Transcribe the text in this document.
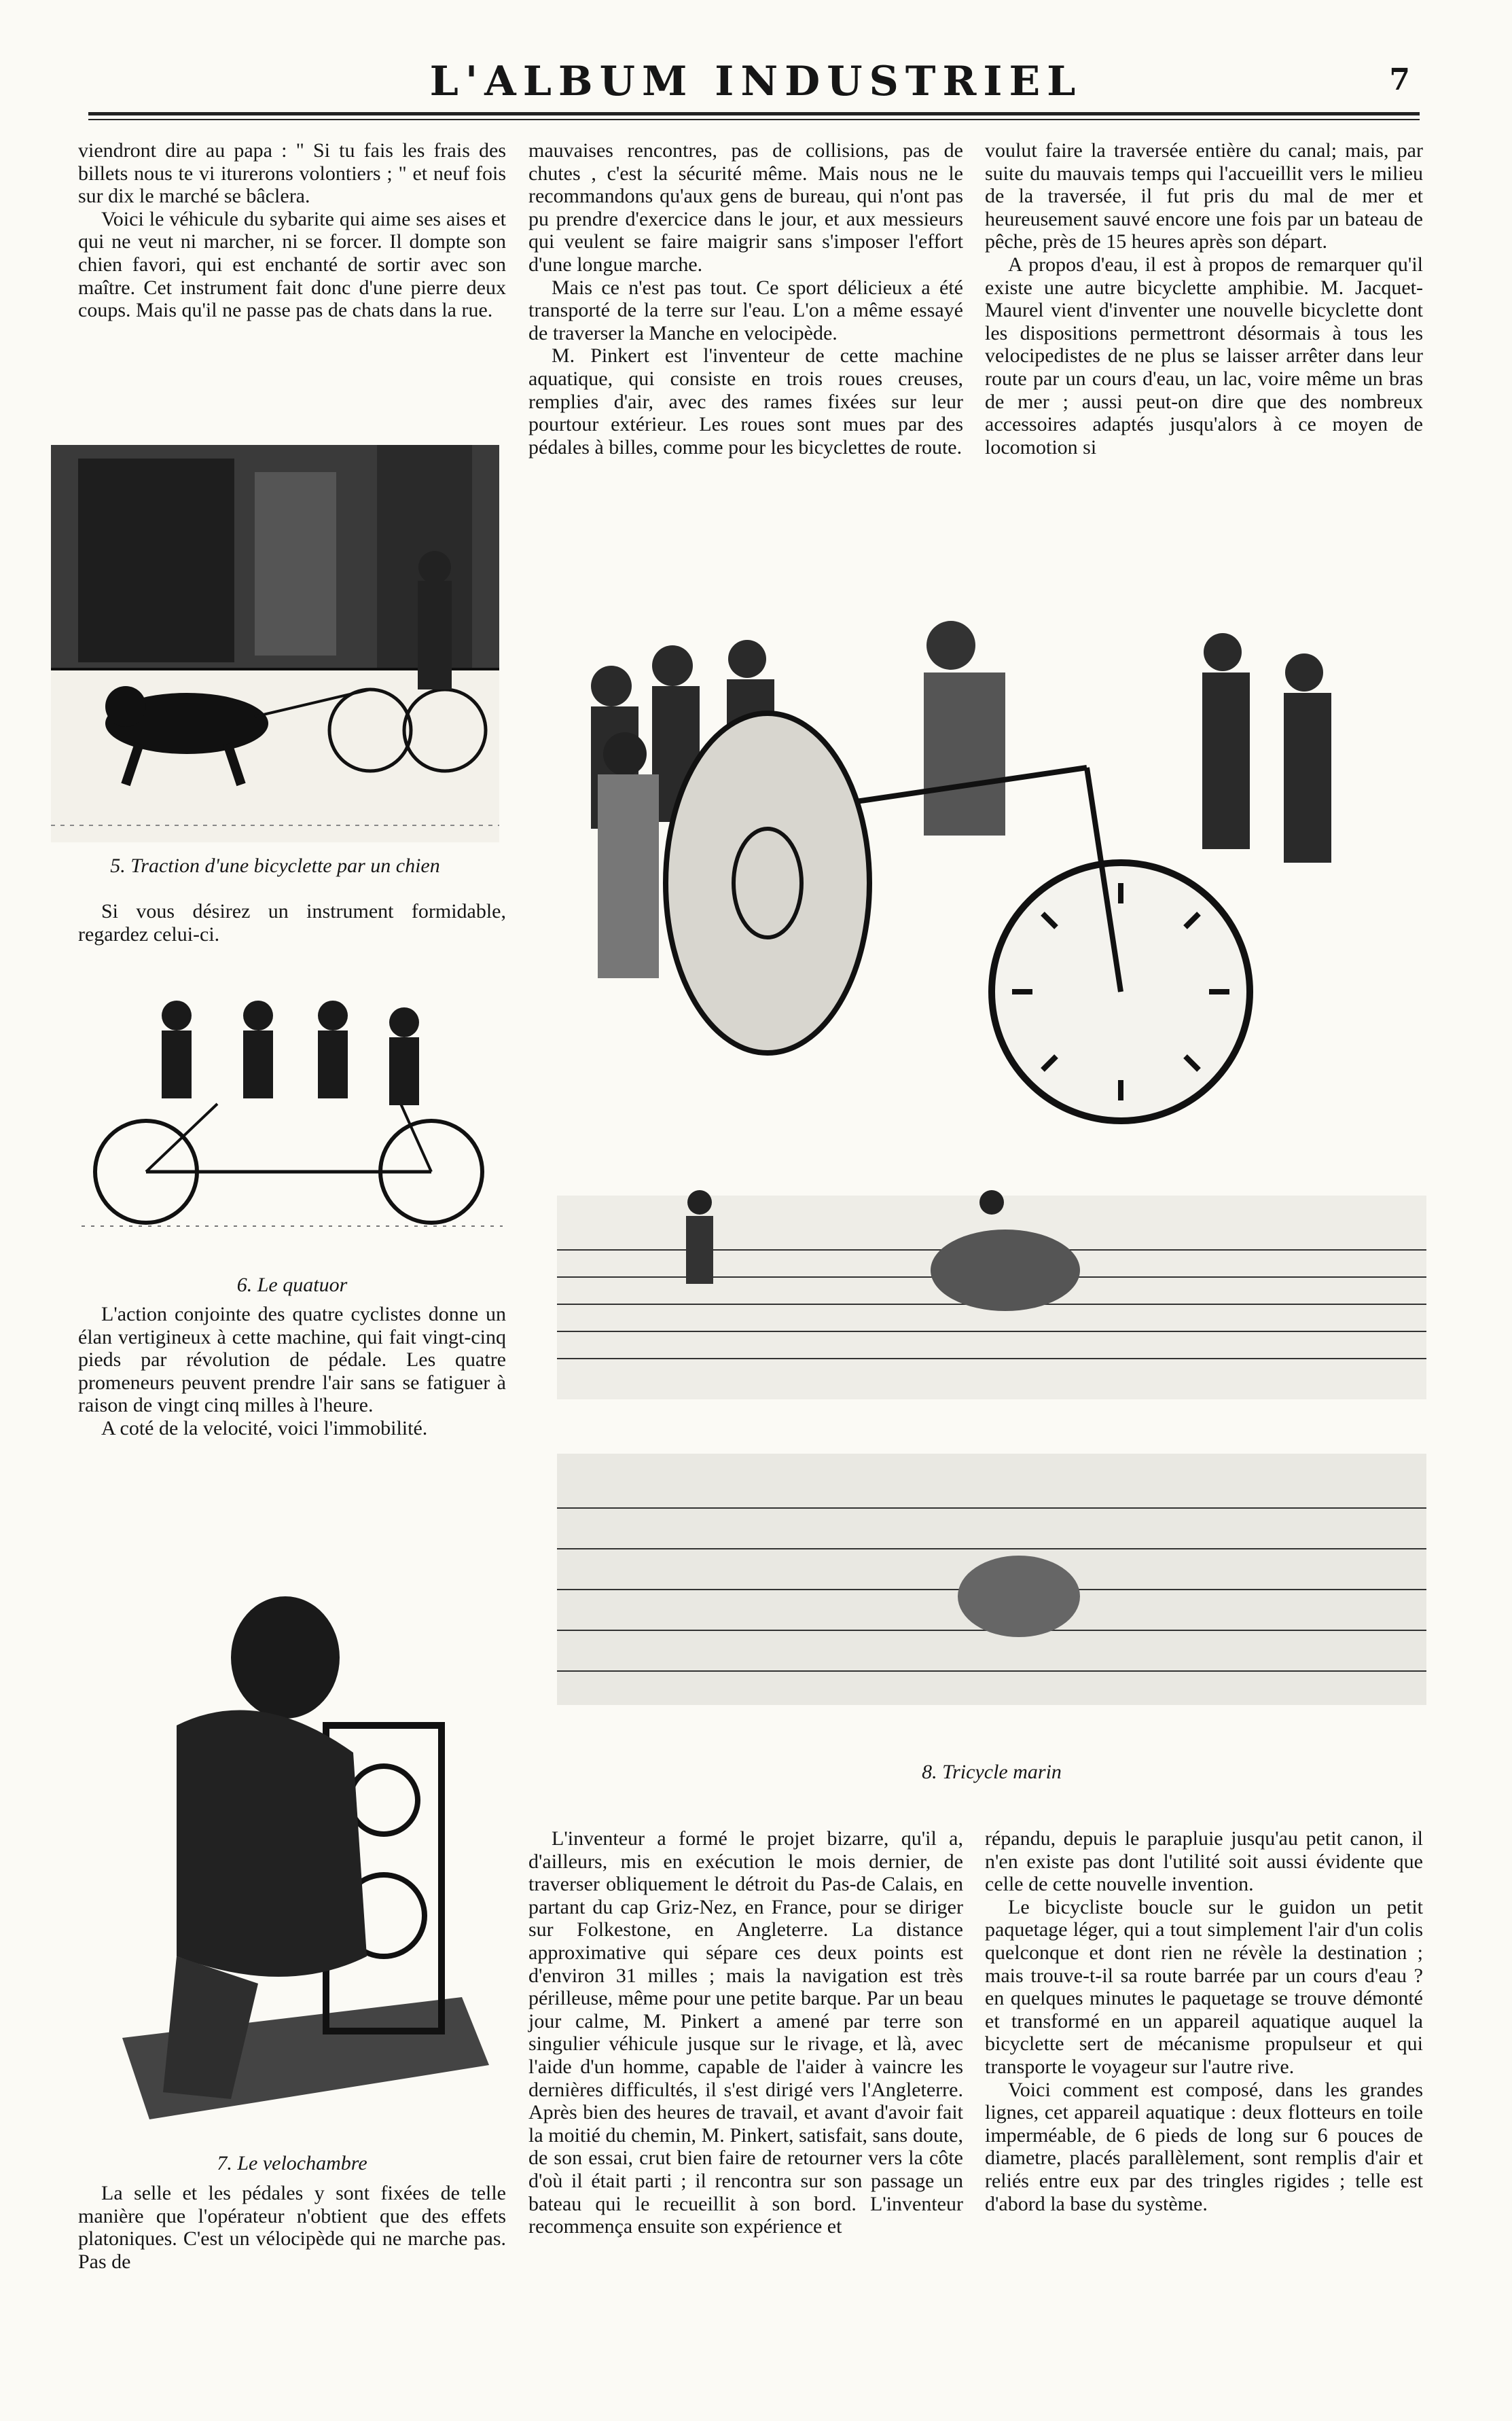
L'ALBUM INDUSTRIEL	7

viendront dire au papa : " Si tu fais les frais des billets nous te vi iturerons volontiers ; " et neuf fois sur dix le marché se bâclera.

Voici le véhicule du sybarite qui aime ses aises et qui ne veut ni marcher, ni se forcer. Il dompte son chien favori, qui est enchanté de sortir avec son maître. Cet instrument fait donc d'une pierre deux coups. Mais qu'il ne passe pas de chats dans la rue.

5. Traction d'une bicyclette par un chien

Si vous désirez un instrument formidable, regardez celui-ci.

6. Le quatuor

L'action conjointe des quatre cyclistes donne un élan vertigineux à cette machine, qui fait vingt-cinq pieds par révolution de pédale. Les quatre promeneurs peuvent prendre l'air sans se fatiguer à raison de vingt cinq milles à l'heure.

A coté de la velocité, voici l'immobilité.

7. Le velochambre

La selle et les pédales y sont fixées de telle manière que l'opérateur n'obtient que des effets platoniques. C'est un vélocipède qui ne marche pas. Pas de

mauvaises rencontres, pas de collisions, pas de chutes , c'est la sécurité même. Mais nous ne le recommandons qu'aux gens de bureau, qui n'ont pas pu prendre d'exercice dans le jour, et aux messieurs qui veulent se faire maigrir sans s'imposer l'effort d'une longue marche.

Mais ce n'est pas tout. Ce sport délicieux a été transporté de la terre sur l'eau. L'on a même essayé de traverser la Manche en velocipède.

M. Pinkert est l'inventeur de cette machine aquatique, qui consiste en trois roues creuses, remplies d'air, avec des rames fixées sur leur pourtour extérieur. Les roues sont mues par des pédales à billes, comme pour les bicyclettes de route.

voulut faire la traversée entière du canal; mais, par suite du mauvais temps qui l'accueillit vers le milieu de la traversée, il fut pris du mal de mer et heureusement sauvé encore une fois par un bateau de pêche, près de 15 heures après son départ.

A propos d'eau, il est à propos de remarquer qu'il existe une autre bicyclette amphibie. M. Jacquet-Maurel vient d'inventer une nouvelle bicyclette dont les dispositions permettront désormais à tous les velocipedistes de ne plus se laisser arrêter dans leur route par un cours d'eau, un lac, voire même un bras de mer ; aussi peut-on dire que des nombreux accessoires adaptés jusqu'alors à ce moyen de locomotion si

8. Tricycle marin

L'inventeur a formé le projet bizarre, qu'il a, d'ailleurs, mis en exécution le mois dernier, de traverser obliquement le détroit du Pas-de Calais, en partant du cap Griz-Nez, en France, pour se diriger sur Folkestone, en Angleterre. La distance approximative qui sépare ces deux points est d'environ 31 milles ; mais la navigation est très périlleuse, même pour une petite barque. Par un beau jour calme, M. Pinkert a amené par terre son singulier véhicule jusque sur le rivage, et là, avec l'aide d'un homme, capable de l'aider à vaincre les dernières difficultés, il s'est dirigé vers l'Angleterre. Après bien des heures de travail, et avant d'avoir fait la moitié du chemin, M. Pinkert, satisfait, sans doute, de son essai, crut bien faire de retourner vers la côte d'où il était parti ; il rencontra sur son passage un bateau qui le recueillit à son bord. L'inventeur recommença ensuite son expérience et

répandu, depuis le parapluie jusqu'au petit canon, il n'en existe pas dont l'utilité soit aussi évidente que celle de cette nouvelle invention.

Le bicycliste boucle sur le guidon un petit paquetage léger, qui a tout simplement l'air d'un colis quelconque et dont rien ne révèle la destination ; mais trouve-t-il sa route barrée par un cours d'eau ? en quelques minutes le paquetage se trouve démonté et transformé en un appareil aquatique auquel la bicyclette sert de mécanisme propulseur et qui transporte le voyageur sur l'autre rive.

Voici comment est composé, dans les grandes lignes, cet appareil aquatique : deux flotteurs en toile imperméable, de 6 pieds de long sur 6 pouces de diametre, placés parallèlement, sont remplis d'air et reliés entre eux par des tringles rigides ; telle est d'abord la base du système.
